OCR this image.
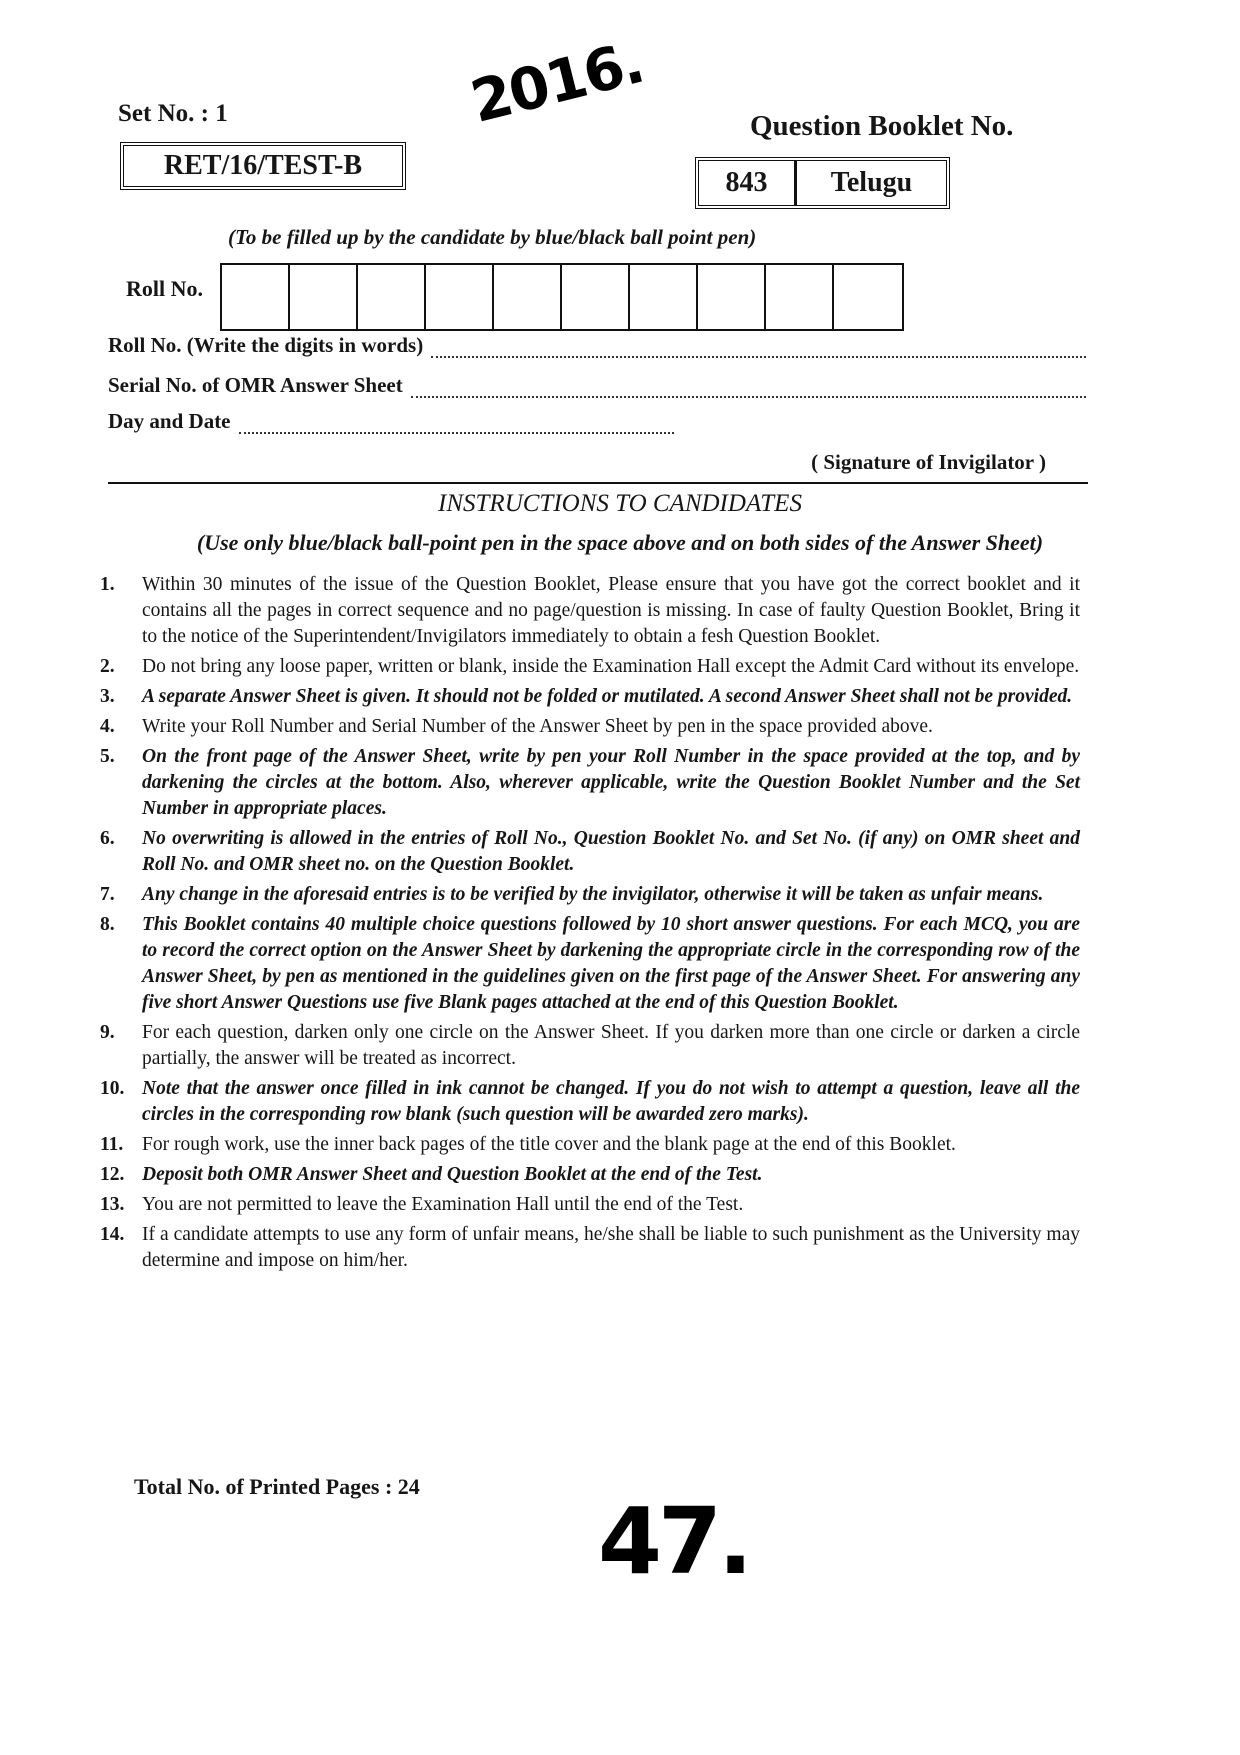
2016.
Set No. : 1
RET/16/TEST-B
Question Booklet No.
843	Telugu
(To be filled up by the candidate by blue/black ball point pen)
Roll No.
Roll No. (Write the digits in words)
Serial No. of OMR Answer Sheet
Day and Date
( Signature of Invigilator )
INSTRUCTIONS TO CANDIDATES
(Use only blue/black ball-point pen in the space above and on both sides of the Answer Sheet)
1.	Within 30 minutes of the issue of the Question Booklet, Please ensure that you have got the correct booklet and it contains all the pages in correct sequence and no page/question is missing. In case of faulty Question Booklet, Bring it to the notice of the Superintendent/Invigilators immediately to obtain a fesh Question Booklet.
2.	Do not bring any loose paper, written or blank, inside the Examination Hall except the Admit Card without its envelope.
3.	A separate Answer Sheet is given. It should not be folded or mutilated. A second Answer Sheet shall not be provided.
4.	Write your Roll Number and Serial Number of the Answer Sheet by pen in the space provided above.
5.	On the front page of the Answer Sheet, write by pen your Roll Number in the space provided at the top, and by darkening the circles at the bottom. Also, wherever applicable, write the Question Booklet Number and the Set Number in appropriate places.
6.	No overwriting is allowed in the entries of Roll No., Question Booklet No. and Set No. (if any) on OMR sheet and Roll No. and OMR sheet no. on the Question Booklet.
7.	Any change in the aforesaid entries is to be verified by the invigilator, otherwise it will be taken as unfair means.
8.	This Booklet contains 40 multiple choice questions followed by 10 short answer questions. For each MCQ, you are to record the correct option on the Answer Sheet by darkening the appropriate circle in the corresponding row of the Answer Sheet, by pen as mentioned in the guidelines given on the first page of the Answer Sheet. For answering any five short Answer Questions use five Blank pages attached at the end of this Question Booklet.
9.	For each question, darken only one circle on the Answer Sheet. If you darken more than one circle or darken a circle partially, the answer will be treated as incorrect.
10. Note that the answer once filled in ink cannot be changed. If you do not wish to attempt a question, leave all the circles in the corresponding row blank (such question will be awarded zero marks).
11. For rough work, use the inner back pages of the title cover and the blank page at the end of this Booklet.
12. Deposit both OMR Answer Sheet and Question Booklet at the end of the Test.
13. You are not permitted to leave the Examination Hall until the end of the Test.
14. If a candidate attempts to use any form of unfair means, he/she shall be liable to such punishment as the University may determine and impose on him/her.
Total No. of Printed Pages : 24
47.
